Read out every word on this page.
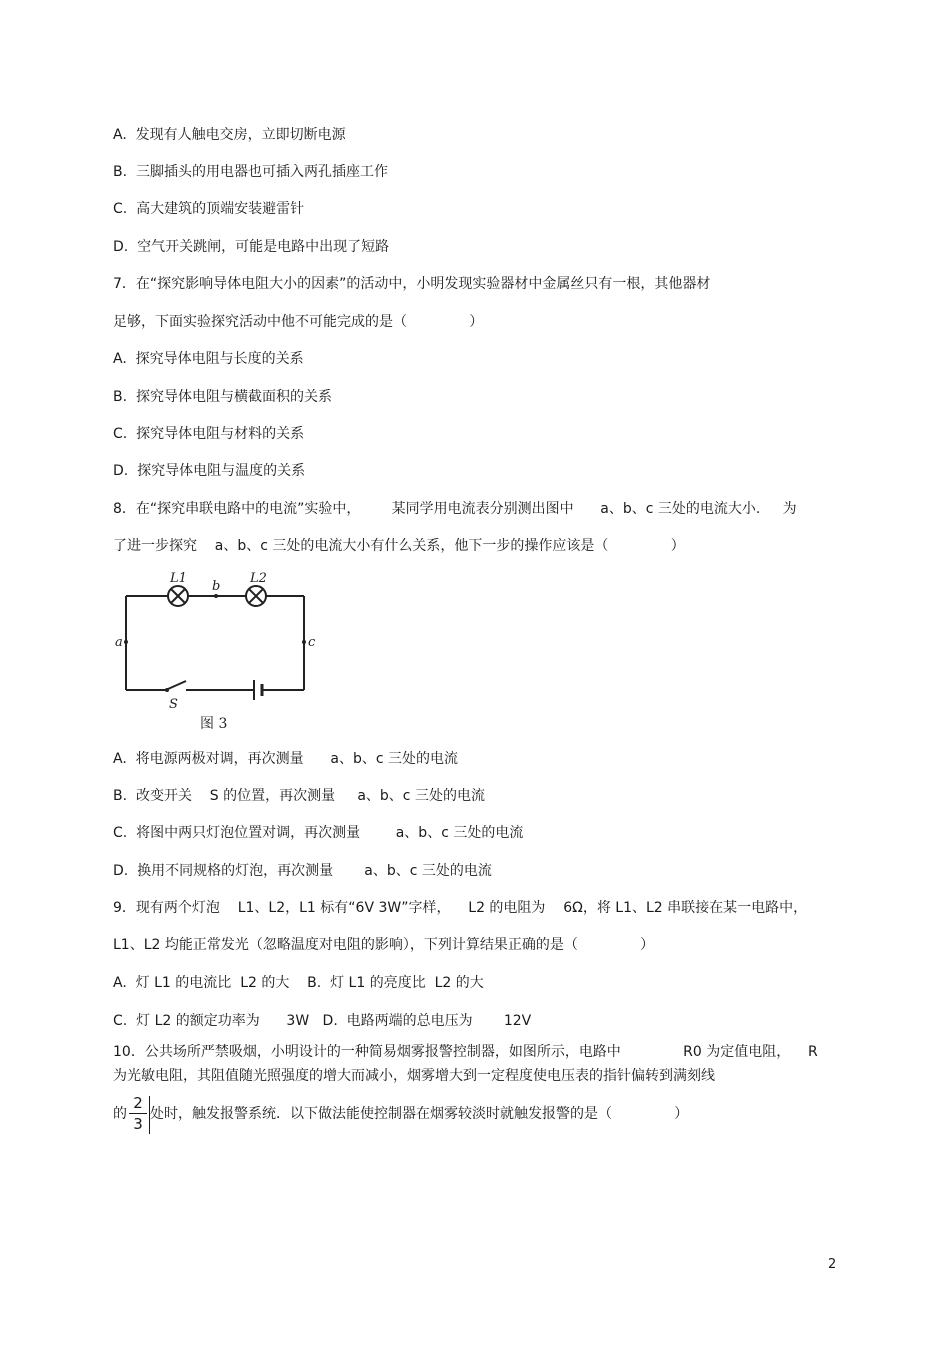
A.  发现有人触电交房，立即切断电源
B.  三脚插头的用电器也可插入两孔插座工作
C.  高大建筑的顶端安装避雷针
D.  空气开关跳闸，可能是电路中出现了短路
7．在“探究影响导体电阻大小的因素”的活动中，小明发现实验器材中金属丝只有一根，其他器材
足够，下面实验探究活动中他不可能完成的是（              ）
A.  探究导体电阻与长度的关系
B.  探究导体电阻与横截面积的关系
C.  探究导体电阻与材料的关系
D.  探究导体电阻与温度的关系
8．在“探究串联电路中的电流”实验中，       某同学用电流表分别测出图中      a、b、c 三处的电流大小.     为
了进一步探究    a、b、c 三处的电流大小有什么关系，他下一步的操作应该是（              ）
L1	L2
b
a	c
S
图 3
A.  将电源两极对调，再次测量      a、b、c 三处的电流
B.  改变开关    S 的位置，再次测量     a、b、c 三处的电流
C.  将图中两只灯泡位置对调，再次测量        a、b、c 三处的电流
D.  换用不同规格的灯泡，再次测量       a、b、c 三处的电流
9．现有两个灯泡    L1、L2，L1 标有“6V 3W”字样，    L2 的电阻为    6Ω，将 L1、L2 串联接在某一电路中，
L1、L2 均能正常发光（忽略温度对电阻的影响），下列计算结果正确的是（              ）
A.  灯 L1 的电流比  L2 的大    B.  灯 L1 的亮度比  L2 的大
C.  灯 L2 的额定功率为      3W   D.  电路两端的总电压为       12V
10．公共场所严禁吸烟，小明设计的一种简易烟雾报警控制器，如图所示，电路中              R0 为定值电阻，    R
为光敏电阻，其阻值随光照强度的增大而减小，烟雾增大到一定程度使电压表的指针偏转到满刻线
的
2
3
处时，触发报警系统．以下做法能使控制器在烟雾较淡时就触发报警的是（              ）
2
